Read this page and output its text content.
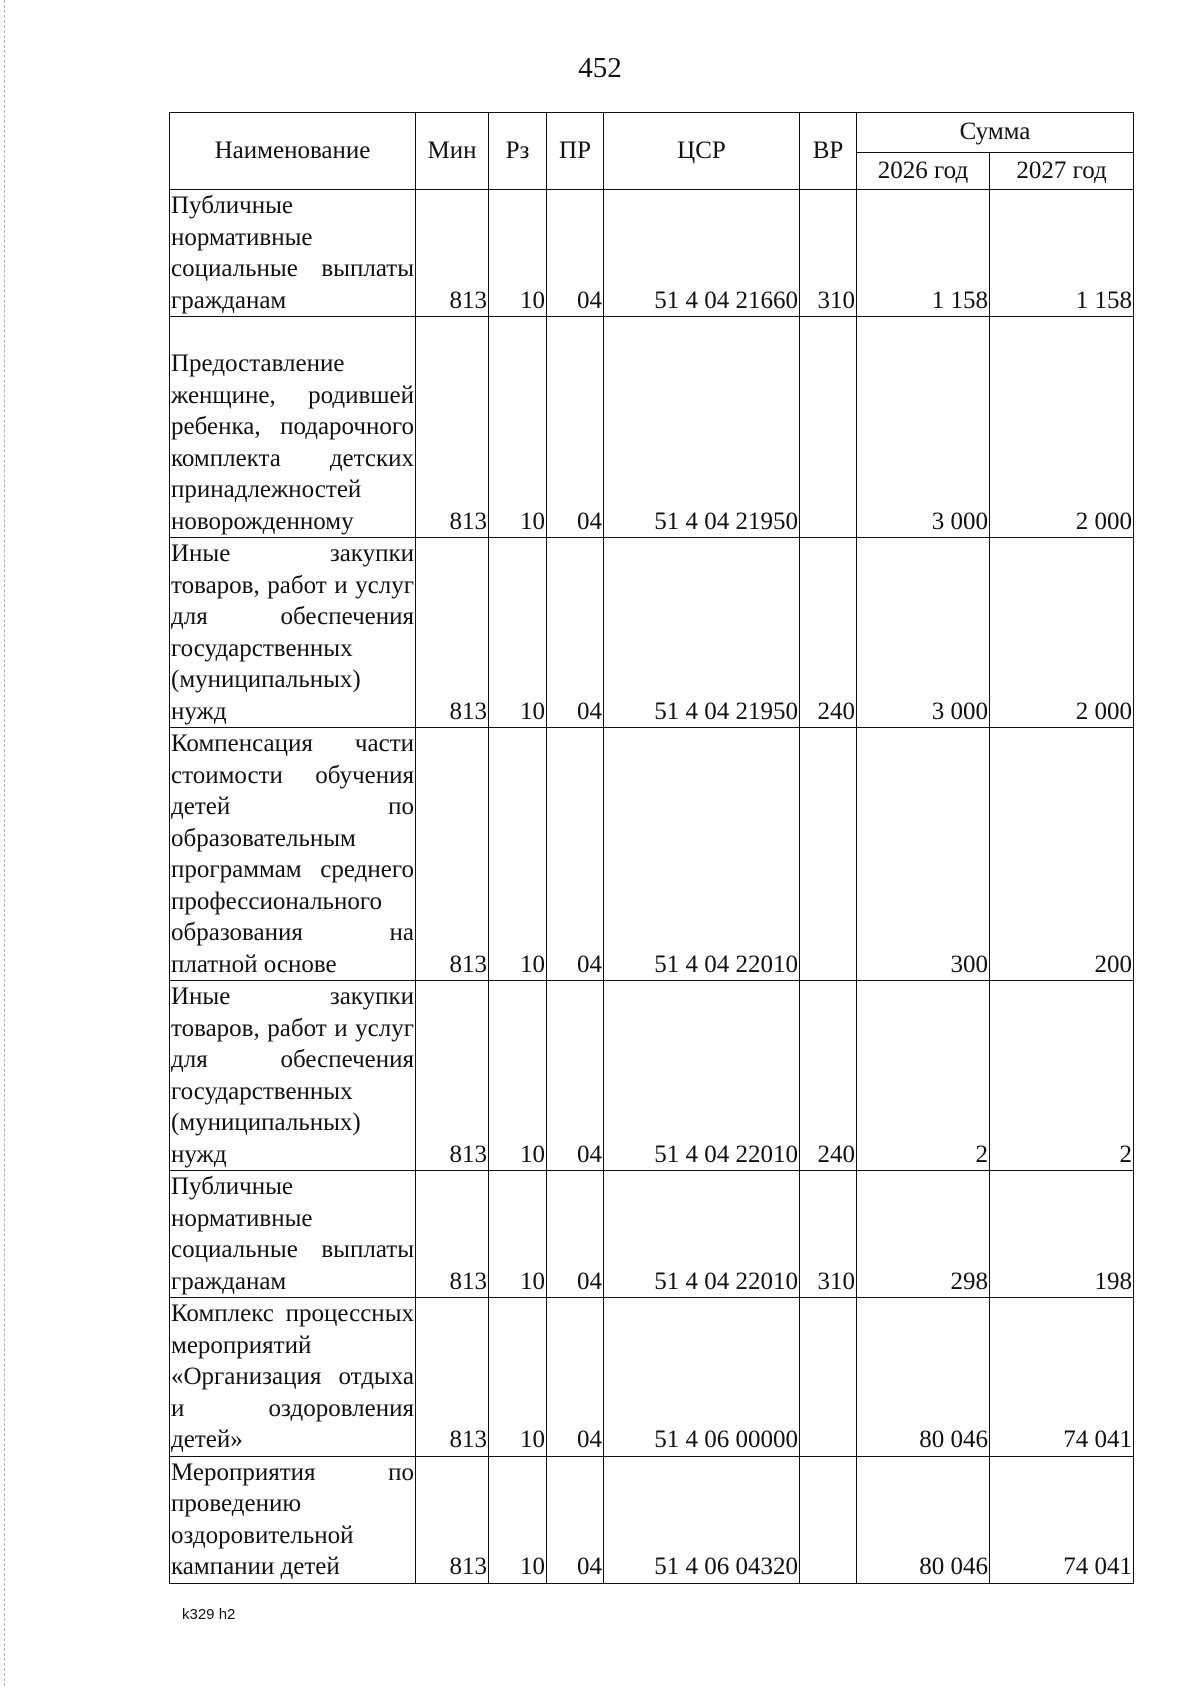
452
Наименование	Мин	Рз	ПР	ЦСР	ВР	Сумма	
						2026 год	2027 год
Публичные нормативные социальные выплаты гражданам	813	10	04	51 4 04 21660	310	1 158	1 158
Предоставление женщине, родившей ребенка, подарочного комплекта детских принадлежностей новорожденному	813	10	04	51 4 04 21950		3 000	2 000
Иные закупки товаров, работ и услуг для обеспечения государственных (муниципальных) нужд	813	10	04	51 4 04 21950	240	3 000	2 000
Компенсация части стоимости обучения детей по образовательным программам среднего профессионального образования на платной основе	813	10	04	51 4 04 22010		300	200
Иные закупки товаров, работ и услуг для обеспечения государственных (муниципальных) нужд	813	10	04	51 4 04 22010	240	2	2
Публичные нормативные социальные выплаты гражданам	813	10	04	51 4 04 22010	310	298	198
Комплекс процессных мероприятий «Организация отдыха и оздоровления детей»	813	10	04	51 4 06 00000		80 046	74 041
Мероприятия по проведению оздоровительной кампании детей	813	10	04	51 4 06 04320		80 046	74 041
k329 h2
